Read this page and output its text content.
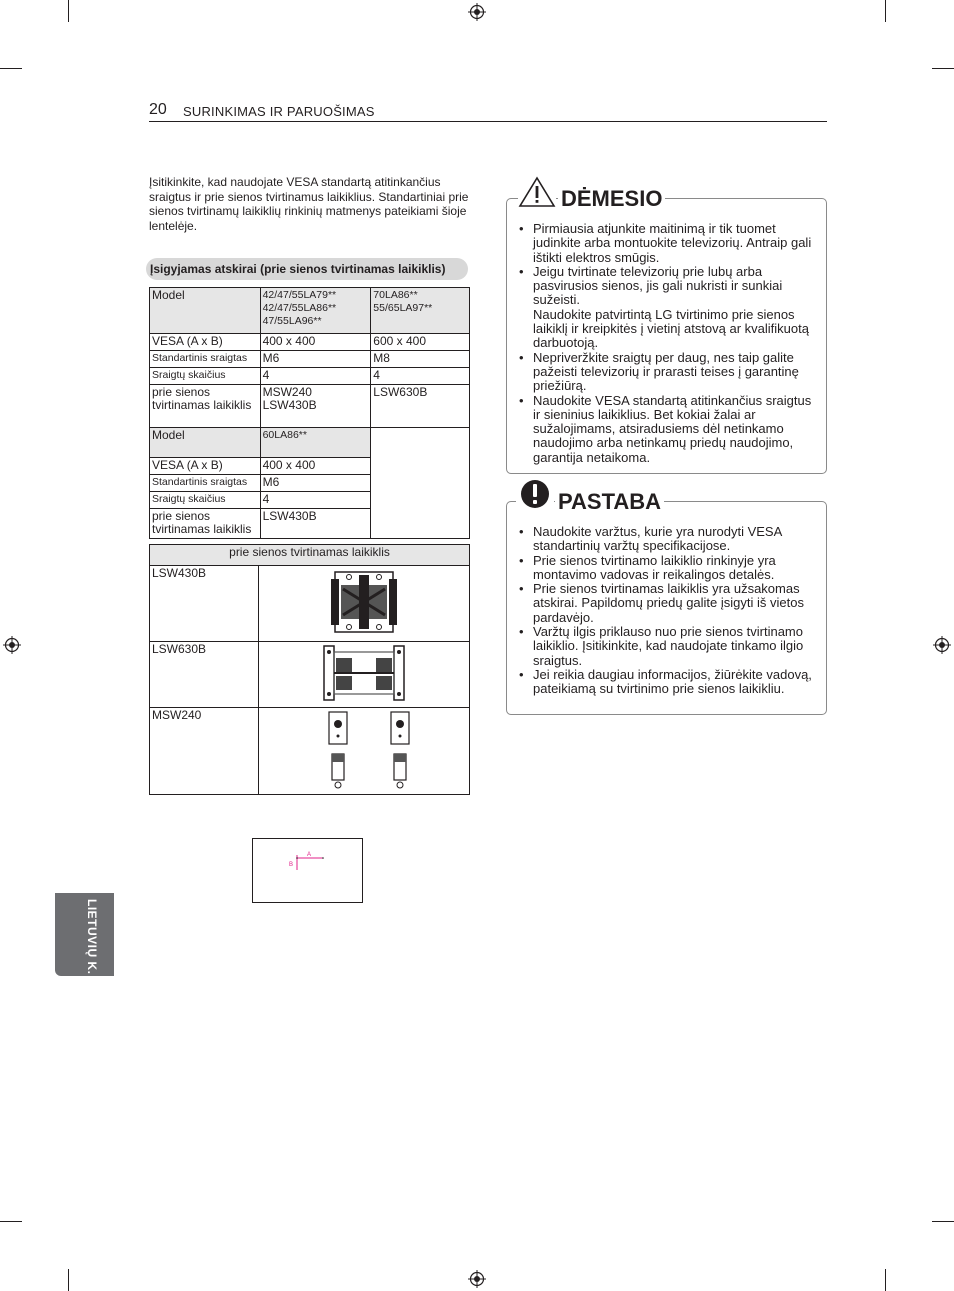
20 SURINKIMAS IR PARUOŠIMAS
Įsitikinkite, kad naudojate VESA standartą atitinkančius sraigtus ir prie sienos tvirtinamus laikiklius. Standartiniai prie sienos tvirtinamų laikiklių rinkinių matmenys pateikiami šioje lentelėje.
Įsigyjamas atskirai (prie sienos tvirtinamas laikiklis)
Model	42/47/55LA79** 42/47/55LA86** 47/55LA96**	70LA86** 55/65LA97**
VESA (A x B)	400 x 400	600 x 400
Standartinis sraigtas	M6	M8
Sraigtų skaičius	4	4
prie sienos tvirtinamas laikiklis	MSW240 LSW430B	LSW630B
Model	60LA86**	
VESA (A x B)	400 x 400	
Standartinis sraigtas	M6	
Sraigtų skaičius	4	
prie sienos tvirtinamas laikiklis	LSW430B	
prie sienos tvirtinamas laikiklis	
LSW430B	
LSW630B	
MSW240	
A
B
• Pirmiausia atjunkite maitinimą ir tik tuomet judinkite arba montuokite televizorių. Antraip gali ištikti elektros smūgis.
• Jeigu tvirtinate televizorių prie lubų arba pasvirusios sienos, jis gali nukristi ir sunkiai sužeisti.
Naudokite patvirtintą LG tvirtinimo prie sienos laikiklį ir kreipkitės į vietinį atstovą ar kvalifikuotą darbuotoją.
• Nepriveržkite sraigtų per daug, nes taip galite pažeisti televizorių ir prarasti teises į garantinę priežiūrą.
• Naudokite VESA standartą atitinkančius sraigtus ir sieninius laikiklius. Bet kokiai žalai ar sužalojimams, atsiradusiems dėl netinkamo naudojimo arba netinkamų priedų naudojimo, garantija netaikoma.
DĖMESIO
• Naudokite varžtus, kurie yra nurodyti VESA standartinių varžtų specifikacijose.
• Prie sienos tvirtinamo laikiklio rinkinyje yra montavimo vadovas ir reikalingos detalės.
• Prie sienos tvirtinamas laikiklis yra užsakomas atskirai. Papildomų priedų galite įsigyti iš vietos pardavėjo.
• Varžtų ilgis priklauso nuo prie sienos tvirtinamo laikiklio. Įsitikinkite, kad naudojate tinkamo ilgio sraigtus.
• Jei reikia daugiau informacijos, žiūrėkite vadovą, pateikiamą su tvirtinimo prie sienos laikikliu.
PASTABA
LIETUVIŲ K.
